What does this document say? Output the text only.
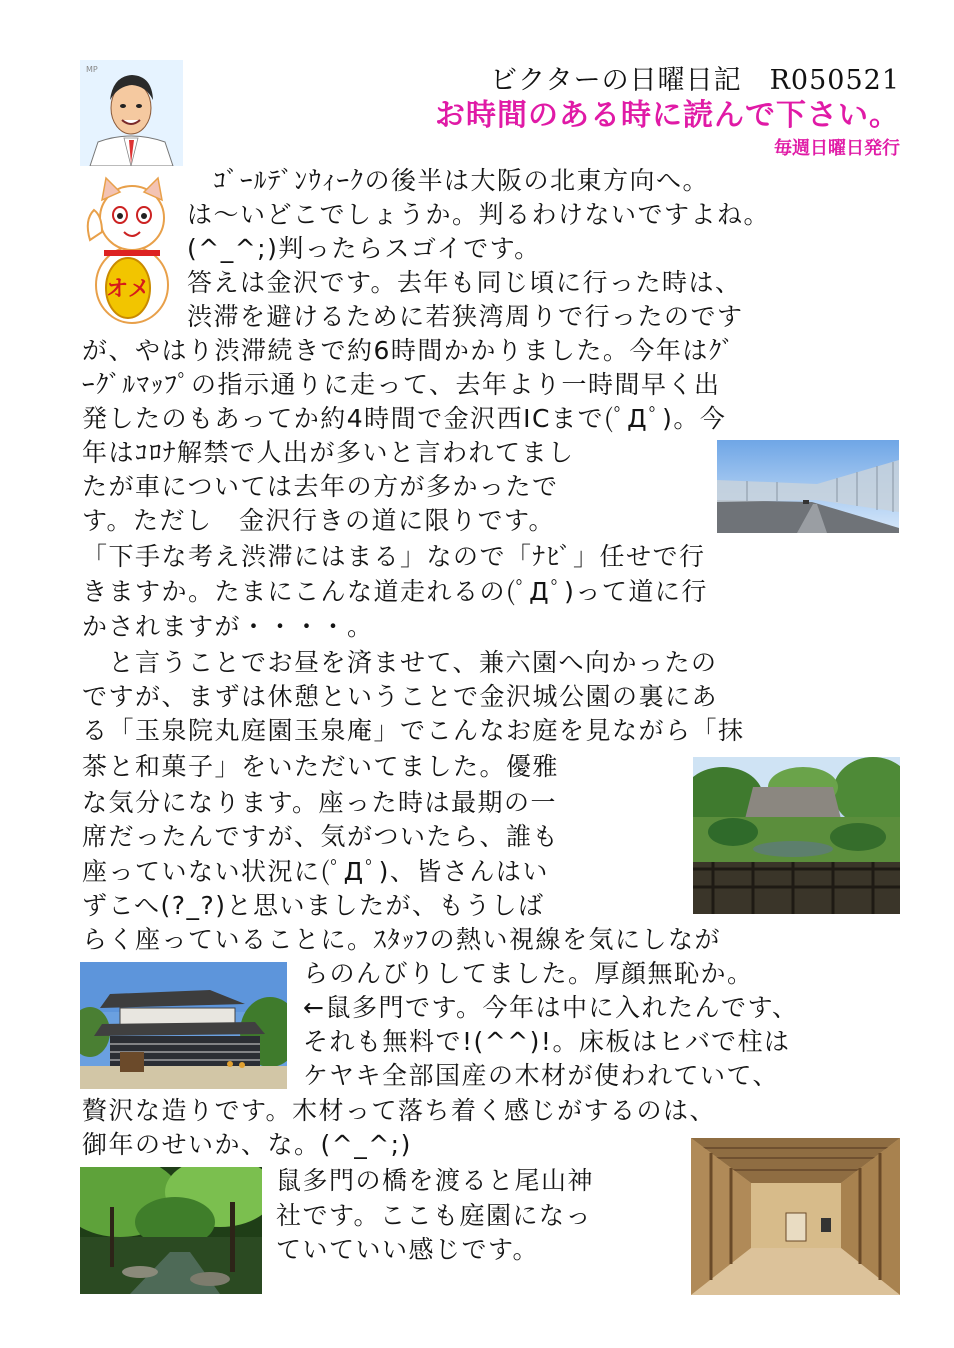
ビクターの日曜日記　R050521
お時間のある時に読んで下さい。
毎週日曜日発行
MP
オメ
　ｺﾞｰﾙﾃﾞﾝｳｨｰｸの後半は大阪の北東方向へ。
は～いどこでしょうか。判るわけないですよね。
(^_^;)判ったらスゴイです。
答えは金沢です。去年も同じ頃に行った時は、
渋滞を避けるために若狭湾周りで行ったのです
が、やはり渋滞続きで約6時間かかりました。今年はｸﾞ
ｰｸﾞﾙﾏｯﾌﾟの指示通りに走って、去年より一時間早く出
発したのもあってか約4時間で金沢西ICまで(ﾟДﾟ)。今
年はｺﾛﾅ解禁で人出が多いと言われてまし
たが車については去年の方が多かったで
す。ただし　金沢行きの道に限りです。
「下手な考え渋滞にはまる」なので「ﾅﾋﾞ」任せで行
きますか。たまにこんな道走れるの(ﾟДﾟ)って道に行
かされますが・・・・。
　と言うことでお昼を済ませて、兼六園へ向かったの
ですが、まずは休憩ということで金沢城公園の裏にあ
る「玉泉院丸庭園玉泉庵」でこんなお庭を見ながら「抹
茶と和菓子」をいただいてました。優雅
な気分になります。座った時は最期の一
席だったんですが、気がついたら、誰も
座っていない状況に(ﾟДﾟ)、皆さんはい
ずこへ(?_?)と思いましたが、もうしば
らく座っていることに。ｽﾀｯﾌの熱い視線を気にしなが
らのんびりしてました。厚顔無恥か。
←鼠多門です。今年は中に入れたんです、
それも無料で!(^^)!。床板はヒバで柱は
ケヤキ全部国産の木材が使われていて、
贅沢な造りです。木材って落ち着く感じがするのは、
御年のせいか、な。(^_^;)
鼠多門の橋を渡ると尾山神
社です。ここも庭園になっ
ていていい感じです。
